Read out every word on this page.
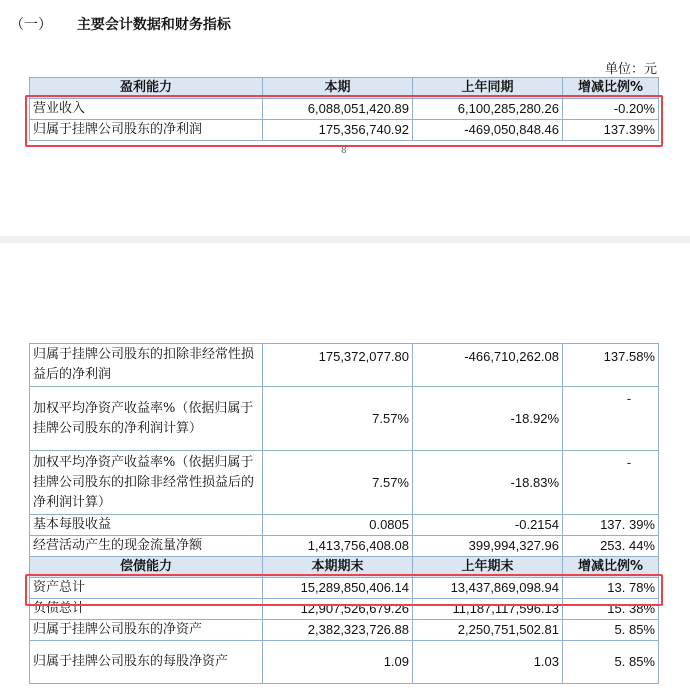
（一） 主要会计数据和财务指标
单位：元
盈利能力	本期	上年同期	增减比例%
营业收入	6,088,051,420.89	6,100,285,280.26	-0.20%
归属于挂牌公司股东的净利润	175,356,740.92	-469,050,848.46	137.39%
8
归属于挂牌公司股东的扣除非经常性损益后的净利润	175,372,077.80	-466,710,262.08	137.58%
加权平均净资产收益率%（依据归属于挂牌公司股东的净利润计算）	7.57%	-18.92%	-
加权平均净资产收益率%（依据归属于挂牌公司股东的扣除非经常性损益后的净利润计算）	7.57%	-18.83%	-
基本每股收益	0.0805	-0.2154	137. 39%
经营活动产生的现金流量净额	1,413,756,408.08	399,994,327.96	253. 44%
偿债能力	本期期末	上年期末	增减比例%
资产总计	15,289,850,406.14	13,437,869,098.94	13. 78%
负债总计	12,907,526,679.26	11,187,117,596.13	15. 38%
归属于挂牌公司股东的净资产	2,382,323,726.88	2,250,751,502.81	5. 85%
归属于挂牌公司股东的每股净资产	1.09	1.03	5. 85%
